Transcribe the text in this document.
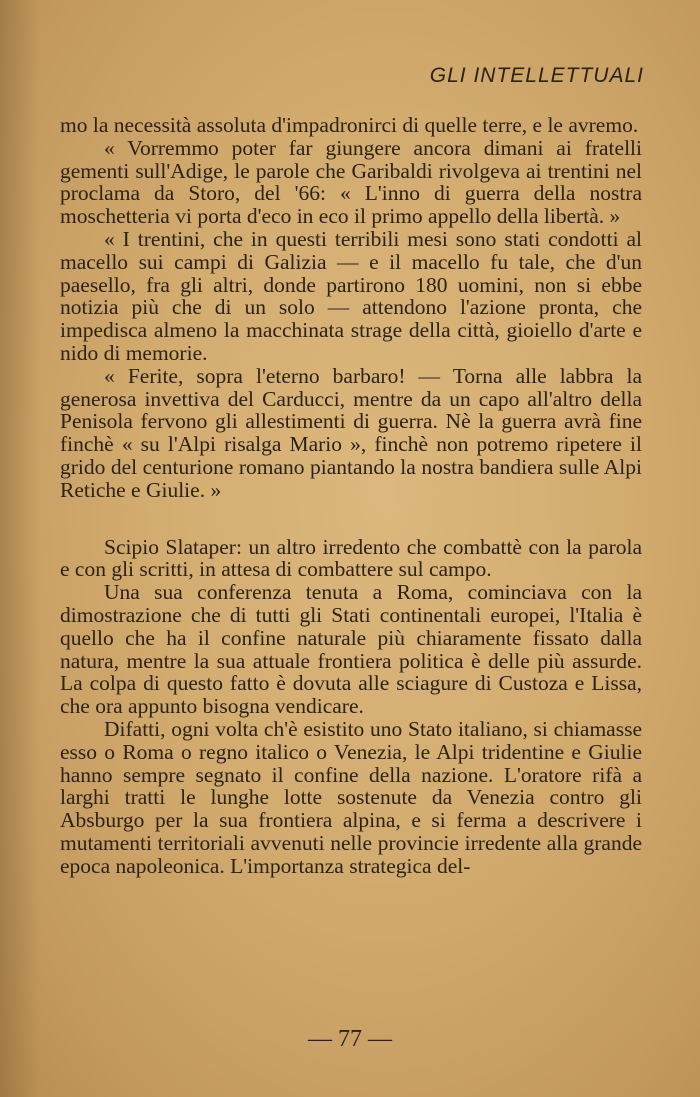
GLI INTELLETTUALI

mo la necessità assoluta d'impadronirci di quelle terre, e le avremo.

« Vorremmo poter far giungere ancora dimani ai fratelli gementi sull'Adige, le parole che Garibaldi rivolgeva ai trentini nel proclama da Storo, del '66: « L'inno di guerra della nostra moschetteria vi porta d'eco in eco il primo appello della libertà. »

« I trentini, che in questi terribili mesi sono stati condotti al macello sui campi di Galizia — e il macello fu tale, che d'un paesello, fra gli altri, donde partirono 180 uomini, non si ebbe notizia più che di un solo — attendono l'azione pronta, che impedisca almeno la macchinata strage della città, gioiello d'arte e nido di memorie.

« Ferite, sopra l'eterno barbaro! — Torna alle labbra la generosa invettiva del Carducci, mentre da un capo all'altro della Penisola fervono gli allestimenti di guerra. Nè la guerra avrà fine finchè « su l'Alpi risalga Mario », finchè non potremo ripetere il grido del centurione romano piantando la nostra bandiera sulle Alpi Retiche e Giulie. »

Scipio Slataper: un altro irredento che combattè con la parola e con gli scritti, in attesa di combattere sul campo.

Una sua conferenza tenuta a Roma, cominciava con la dimostrazione che di tutti gli Stati continentali europei, l'Italia è quello che ha il confine naturale più chiaramente fissato dalla natura, mentre la sua attuale frontiera politica è delle più assurde. La colpa di questo fatto è dovuta alle sciagure di Custoza e Lissa, che ora appunto bisogna vendicare.

Difatti, ogni volta ch'è esistito uno Stato italiano, si chiamasse esso o Roma o regno italico o Venezia, le Alpi tridentine e Giulie hanno sempre segnato il confine della nazione. L'oratore rifà a larghi tratti le lunghe lotte sostenute da Venezia contro gli Absburgo per la sua frontiera alpina, e si ferma a descrivere i mutamenti territoriali avvenuti nelle provincie irredente alla grande epoca napoleonica. L'importanza strategica del-

— 77 —
